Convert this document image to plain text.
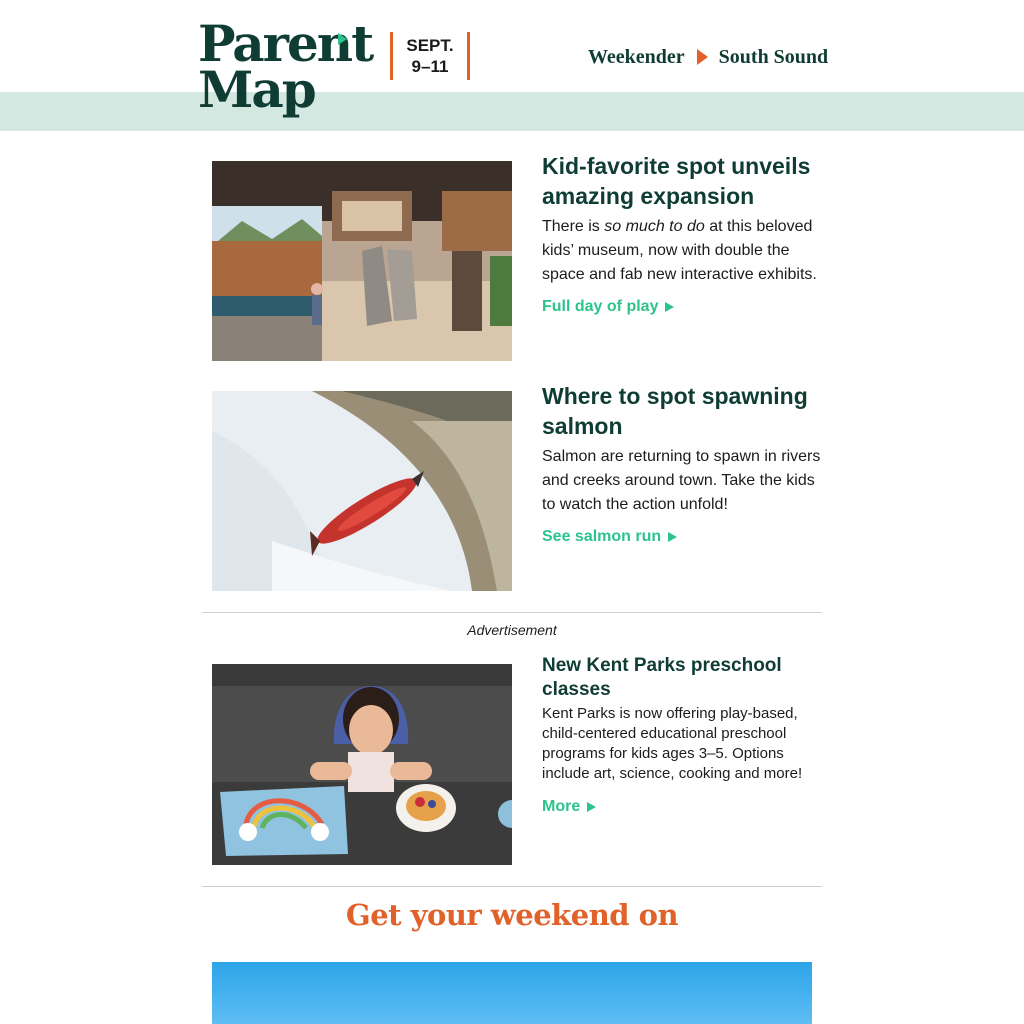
Parent
Map
SEPT.
9–11	Weekender South Sound
Kid-favorite spot unveils amazing expansion
There is so much to do at this beloved kids’ museum, now with double the space and fab new interactive exhibits.
Full day of play
Where to spot spawning salmon
Salmon are returning to spawn in rivers and creeks around town. Take the kids to watch the action unfold!
See salmon run
Advertisement
New Kent Parks preschool classes
Kent Parks is now offering play-based, child-centered educational preschool programs for kids ages 3–5. Options include art, science, cooking and more!
More
Get your weekend on
